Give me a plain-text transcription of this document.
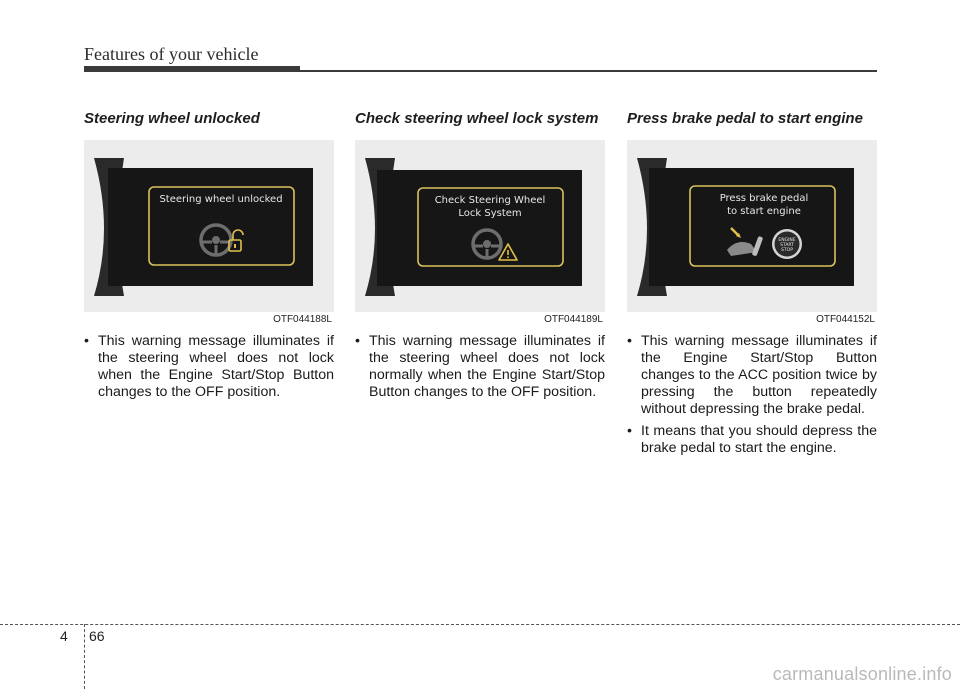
Features of your vehicle
Steering wheel unlocked
Steering wheel unlocked
OTF044188L
• This warning message illuminates if the steering wheel does not lock when the Engine Start/Stop Button changes to the OFF position.
Check steering wheel lock system
Check Steering Wheel
Lock System
OTF044189L
• This warning message illuminates if the steering wheel does not lock normally when the Engine Start/Stop Button changes to the OFF position.
Press brake pedal to start engine
Press brake pedal
to start engine
ENGINE
START
STOP
OTF044152L
• This warning message illuminates if the Engine Start/Stop Button changes to the ACC position twice by pressing the button repeatedly without depressing the brake pedal.
• It means that you should depress the brake pedal to start the engine.
4 66
carmanualsonline.info
